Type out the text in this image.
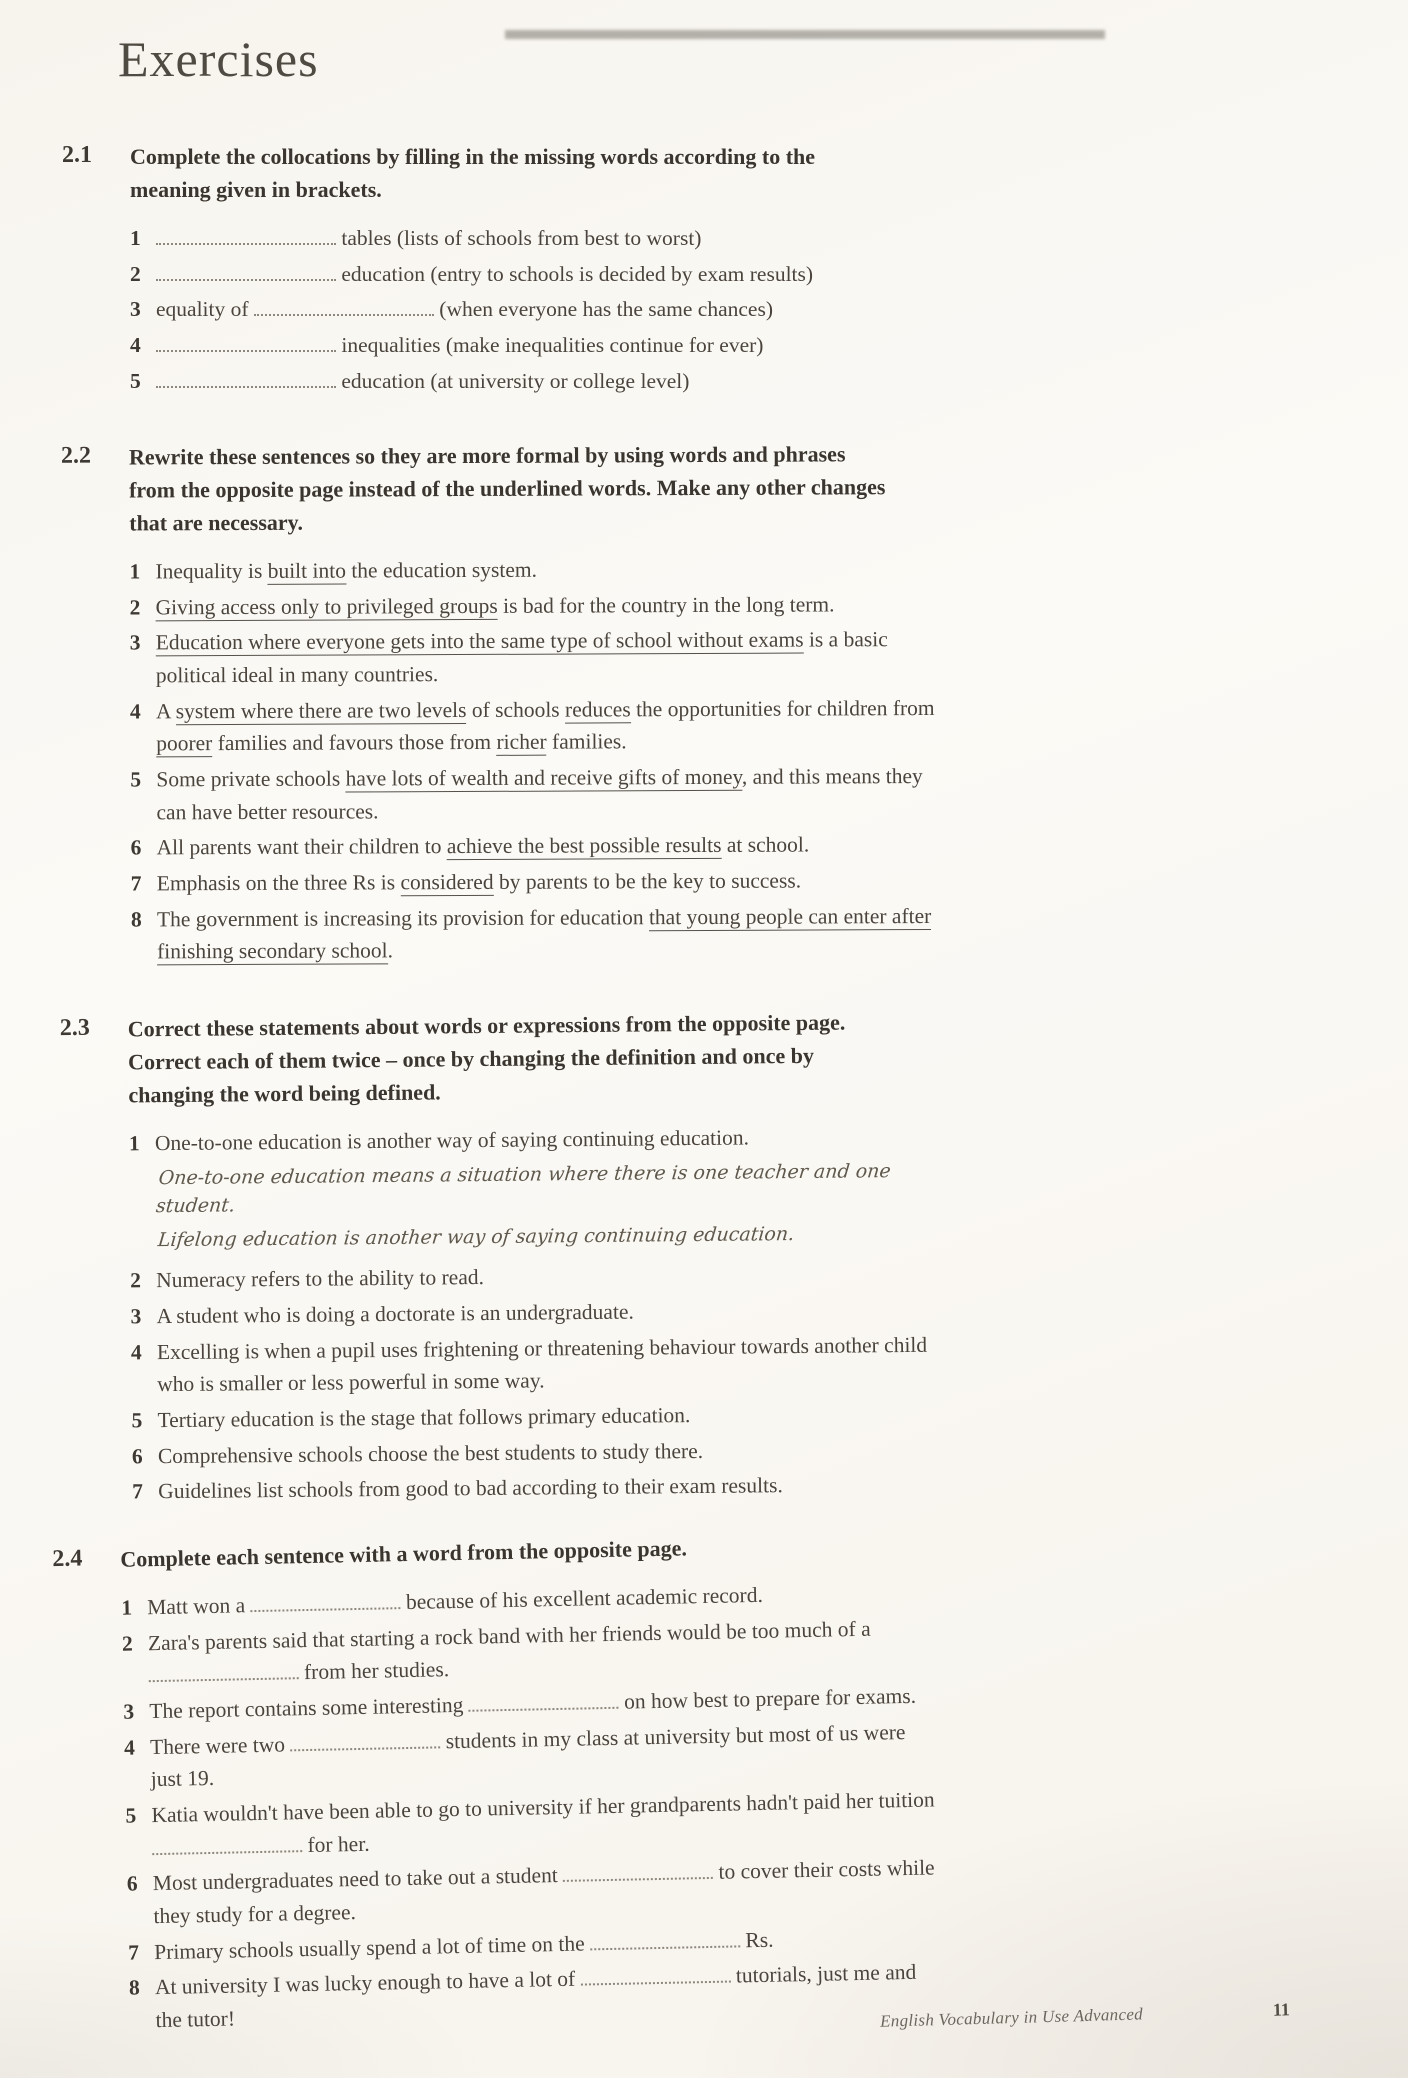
Exercises
2.1	Complete the collocations by filling in the missing words according to the meaning given in brackets.

1	tables (lists of schools from best to worst)
2	education (entry to schools is decided by exam results)
3 equality of	(when everyone has the same chances)
4	inequalities (make inequalities continue for ever)
5	education (at university or college level)
2.2	Rewrite these sentences so they are more formal by using words and phrases from the opposite page instead of the underlined words. Make any other changes that are necessary.

1 Inequality is built into the education system.
2 Giving access only to privileged groups is bad for the country in the long term.
3 Education where everyone gets into the same type of school without exams is a basic political ideal in many countries.
4 A system where there are two levels of schools reduces the opportunities for children from poorer families and favours those from richer families.
5 Some private schools have lots of wealth and receive gifts of money, and this means they can have better resources.
6 All parents want their children to achieve the best possible results at school.
7 Emphasis on the three Rs is considered by parents to be the key to success.
8 The government is increasing its provision for education that young people can enter after finishing secondary school.
2.3	Correct these statements about words or expressions from the opposite page. Correct each of them twice – once by changing the definition and once by changing the word being defined.

1 One-to-one education is another way of saying continuing education.
One-to-one education means a situation where there is one teacher and one student.
Lifelong education is another way of saying continuing education.
2 Numeracy refers to the ability to read.
3 A student who is doing a doctorate is an undergraduate.
4 Excelling is when a pupil uses frightening or threatening behaviour towards another child who is smaller or less powerful in some way.
5 Tertiary education is the stage that follows primary education.
6 Comprehensive schools choose the best students to study there.
7 Guidelines list schools from good to bad according to their exam results.
2.4	Complete each sentence with a word from the opposite page.

1 Matt won a	because of his excellent academic record.
2 Zara's parents said that starting a rock band with her friends would be too much of a  from her studies.
3 The report contains some interesting	on how best to prepare for exams.
4 There were two	students in my class at university but most of us were just 19.
5 Katia wouldn't have been able to go to university if her grandparents hadn't paid her tuition  for her.
6 Most undergraduates need to take out a student	to cover their costs while they study for a degree.
7 Primary schools usually spend a lot of time on the	Rs.
8 At university I was lucky enough to have a lot of	tutorials, just me and the tutor!	English Vocabulary in Use Advanced	11
